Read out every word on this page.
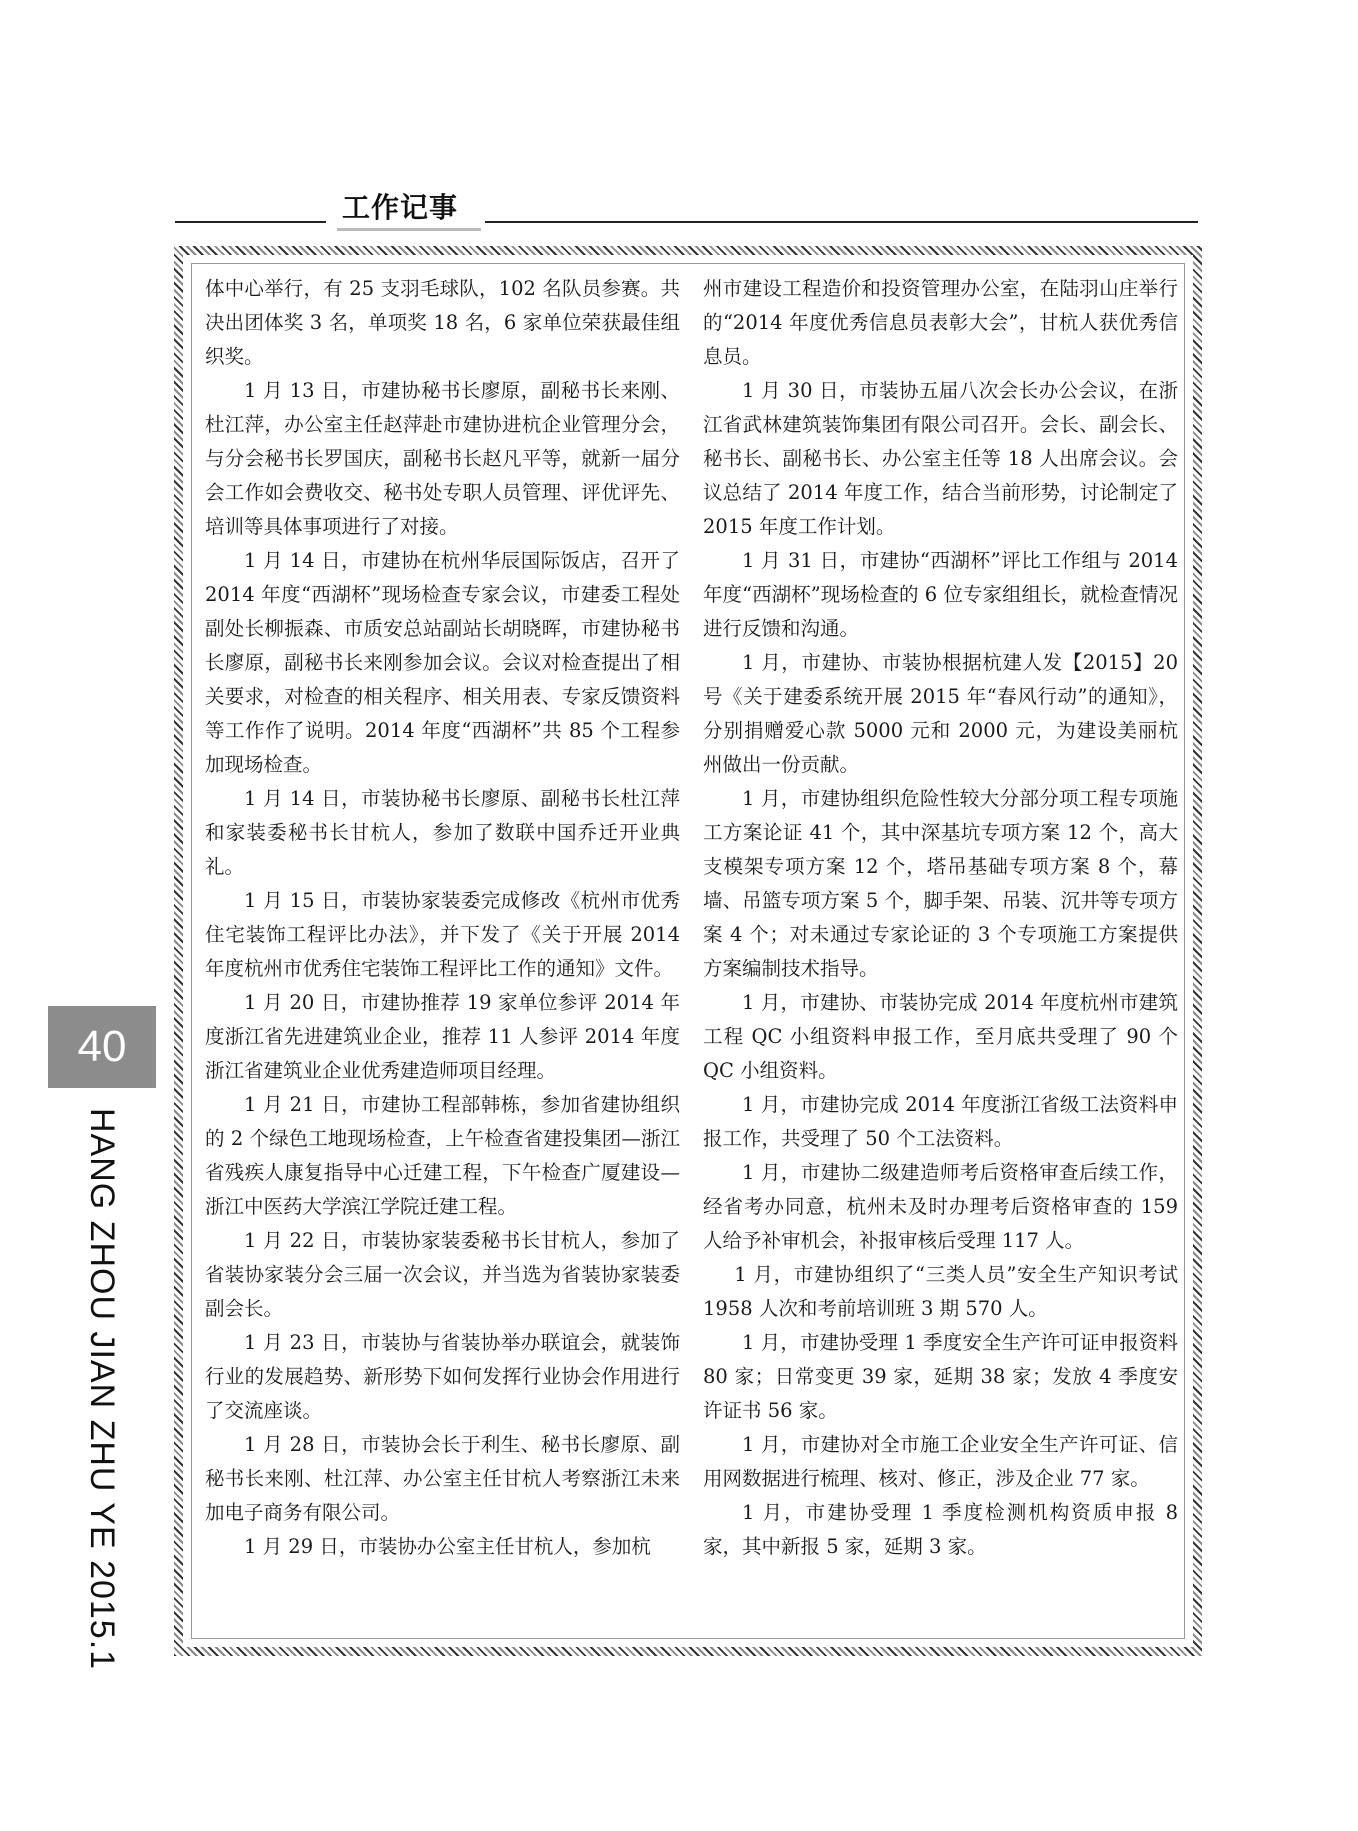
工作记事

体中心举行，有 25 支羽毛球队，102 名队员参赛。共决出团体奖 3 名，单项奖 18 名，6 家单位荣获最佳组织奖。

1 月 13 日，市建协秘书长廖原，副秘书长来刚、杜江萍，办公室主任赵萍赴市建协进杭企业管理分会，与分会秘书长罗国庆，副秘书长赵凡平等，就新一届分会工作如会费收交、秘书处专职人员管理、评优评先、培训等具体事项进行了对接。

1 月 14 日，市建协在杭州华辰国际饭店，召开了 2014 年度“西湖杯”现场检查专家会议，市建委工程处副处长柳振森、市质安总站副站长胡晓晖，市建协秘书长廖原，副秘书长来刚参加会议。会议对检查提出了相关要求，对检查的相关程序、相关用表、专家反馈资料等工作作了说明。2014 年度“西湖杯”共 85 个工程参加现场检查。

1 月 14 日，市装协秘书长廖原、副秘书长杜江萍和家装委秘书长甘杭人，参加了数联中国乔迁开业典礼。

1 月 15 日，市装协家装委完成修改《杭州市优秀住宅装饰工程评比办法》，并下发了《关于开展 2014 年度杭州市优秀住宅装饰工程评比工作的通知》文件。

1 月 20 日，市建协推荐 19 家单位参评 2014 年度浙江省先进建筑业企业，推荐 11 人参评 2014 年度浙江省建筑业企业优秀建造师项目经理。

1 月 21 日，市建协工程部韩栋，参加省建协组织的 2 个绿色工地现场检查，上午检查省建投集团—浙江省残疾人康复指导中心迁建工程，下午检查广厦建设—浙江中医药大学滨江学院迁建工程。

1 月 22 日，市装协家装委秘书长甘杭人，参加了省装协家装分会三届一次会议，并当选为省装协家装委副会长。

1 月 23 日，市装协与省装协举办联谊会，就装饰行业的发展趋势、新形势下如何发挥行业协会作用进行了交流座谈。

1 月 28 日，市装协会长于利生、秘书长廖原、副秘书长来刚、杜江萍、办公室主任甘杭人考察浙江未来加电子商务有限公司。

1 月 29 日，市装协办公室主任甘杭人，参加杭

州市建设工程造价和投资管理办公室，在陆羽山庄举行的“2014 年度优秀信息员表彰大会”，甘杭人获优秀信息员。

1 月 30 日，市装协五届八次会长办公会议，在浙江省武林建筑装饰集团有限公司召开。会长、副会长、秘书长、副秘书长、办公室主任等 18 人出席会议。会议总结了 2014 年度工作，结合当前形势，讨论制定了 2015 年度工作计划。

1 月 31 日，市建协“西湖杯”评比工作组与 2014 年度“西湖杯”现场检查的 6 位专家组组长，就检查情况进行反馈和沟通。

1 月，市建协、市装协根据杭建人发【2015】20 号《关于建委系统开展 2015 年“春风行动”的通知》，分别捐赠爱心款 5000 元和 2000 元，为建设美丽杭州做出一份贡献。

1 月，市建协组织危险性较大分部分项工程专项施工方案论证 41 个，其中深基坑专项方案 12 个，高大支模架专项方案 12 个，塔吊基础专项方案 8 个，幕墙、吊篮专项方案 5 个，脚手架、吊装、沉井等专项方案 4 个；对未通过专家论证的 3 个专项施工方案提供方案编制技术指导。

1 月，市建协、市装协完成 2014 年度杭州市建筑工程 QC 小组资料申报工作，至月底共受理了 90 个 QC 小组资料。

1 月，市建协完成 2014 年度浙江省级工法资料申报工作，共受理了 50 个工法资料。

1 月，市建协二级建造师考后资格审查后续工作，经省考办同意，杭州未及时办理考后资格审查的 159 人给予补审机会，补报审核后受理 117 人。

1 月，市建协组织了“三类人员”安全生产知识考试 1958 人次和考前培训班 3 期 570 人。

1 月，市建协受理 1 季度安全生产许可证申报资料 80 家；日常变更 39 家，延期 38 家；发放 4 季度安许证书 56 家。

1 月，市建协对全市施工企业安全生产许可证、信用网数据进行梳理、核对、修正，涉及企业 77 家。

1 月，市建协受理 1 季度检测机构资质申报 8 家，其中新报 5 家，延期 3 家。

40
HANG ZHOU JIAN ZHU YE 2015.1
